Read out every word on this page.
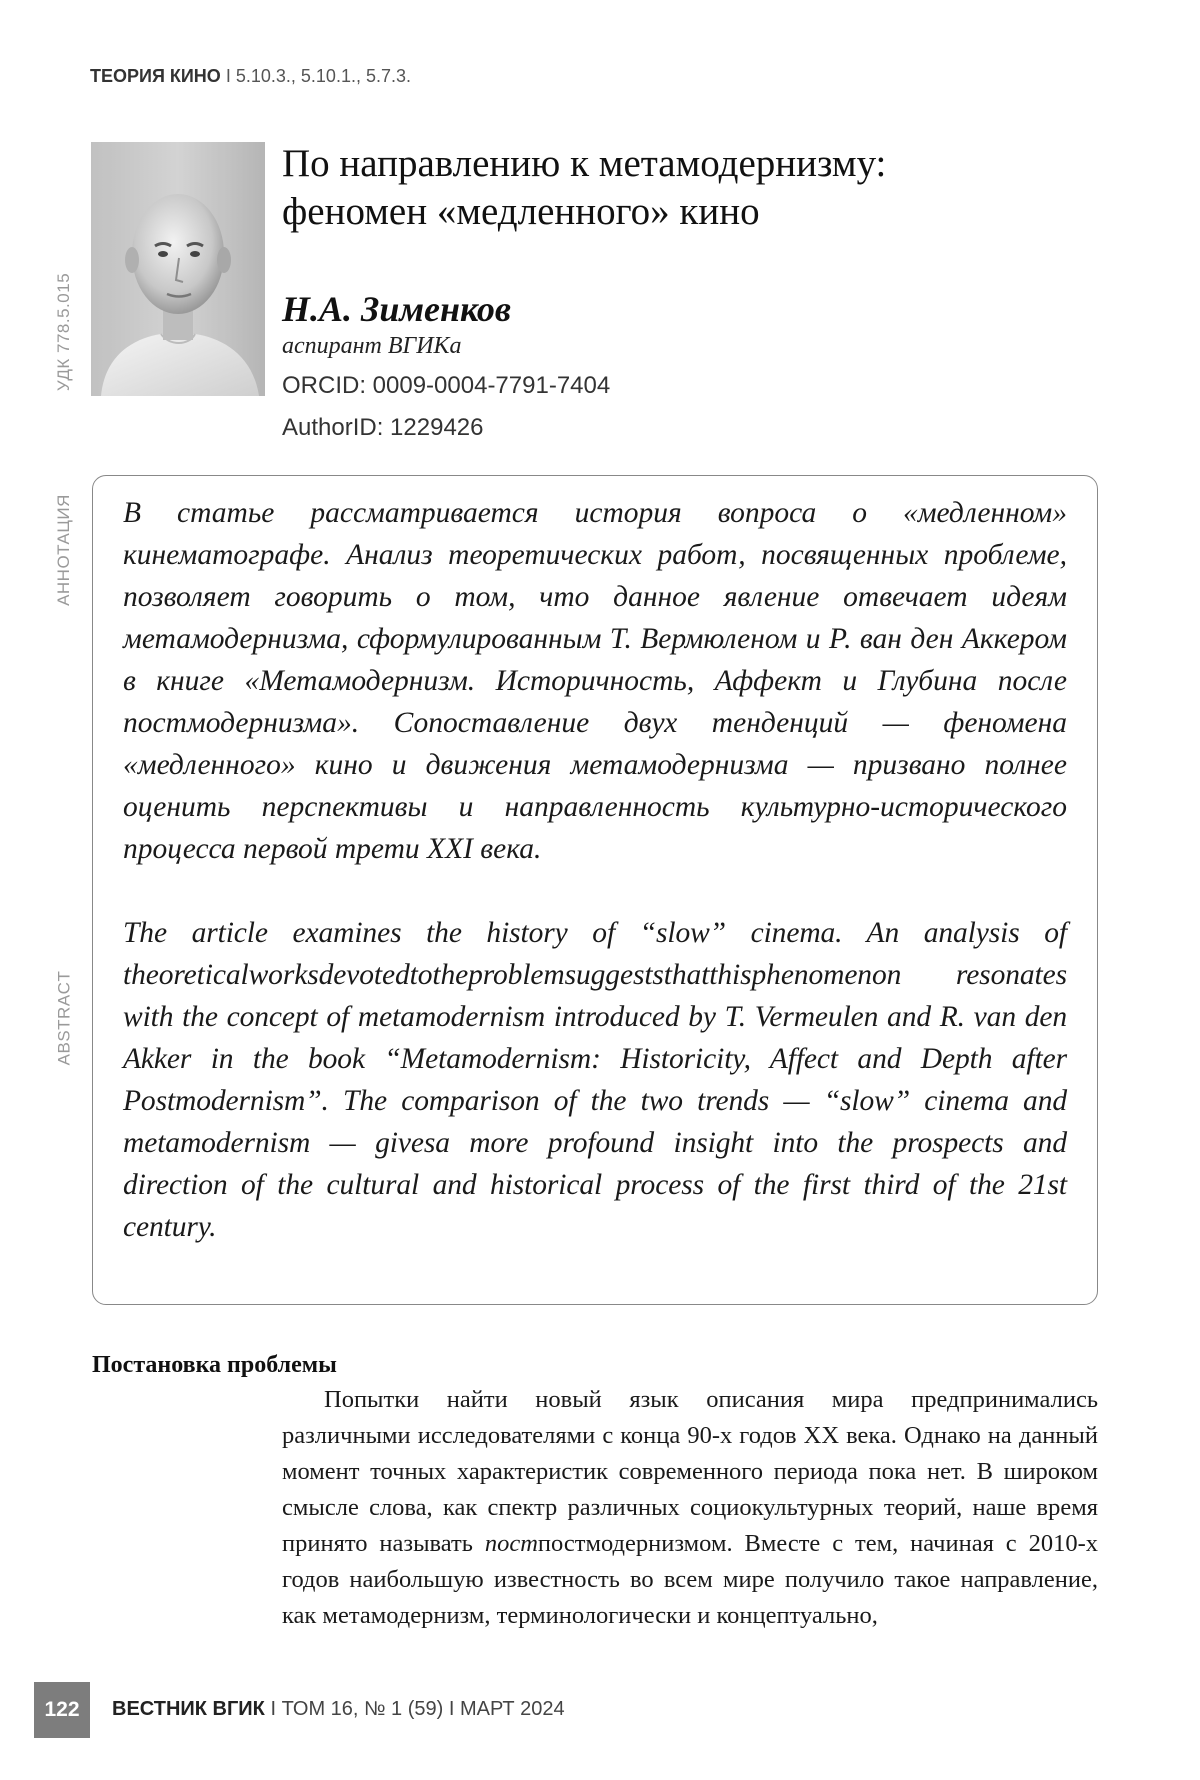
ТЕОРИЯ КИНО I 5.10.3., 5.10.1., 5.7.3.
УДК 778.5.015
АННОТАЦИЯ
ABSTRACT
По направлению к метамодернизму:
феномен «медленного» кино
Н.А. Зименков
аспирант ВГИКа
ORCID: 0009-0004-7791-7404
AuthorID: 1229426

В статье рассматривается история вопроса о «медленном» кинематографе. Анализ теоретических работ, посвящен­ных проблеме, позволяет говорить о том, что данное явле­ние отвечает идеям метамодернизма, сформулированным Т. Вермюленом и Р. ван ден Аккером в книге «Метамодернизм. Историчность, Аффект и Глубина после постмодернизма». Сопоставление двух тенденций — феномена «медленного» кино и движения метамодернизма — призвано полнее оценить перспективы и направленность культурно-исторического процесса первой трети XXI века.

The article examines the history of “slow” cinema. An analysis of theoreticalworksdevotedtotheproblemsuggeststhatthisphenomenon resonates with the concept of metamodernism introduced by T. Vermeulen and R. van den Akker in the book “Metamodernism: Historicity, Affect and Depth after Postmodernism”. The comparison of the two trends — “slow” cinema and metamodernism — givesa more profound insight into the prospects and direction of the cultural and historical process of the first third of the 21st century.

Постановка проблемы

Попытки найти новый язык описания мира предпринима­лись различными исследователями с конца 90-х годов XX века. Однако на данный момент точных характеристик современного периода пока нет. В широком смысле слова, как спектр различ­ных социокультурных теорий, наше время принято называть постпостмодернизмом. Вместе с тем, начиная с 2010-х годов наибольшую известность во всем мире получило такое направ­ление, как метамодернизм, терминологически и концептуально,

122	ВЕСТНИК ВГИК I ТОМ 16, № 1 (59) I МАРТ 2024
